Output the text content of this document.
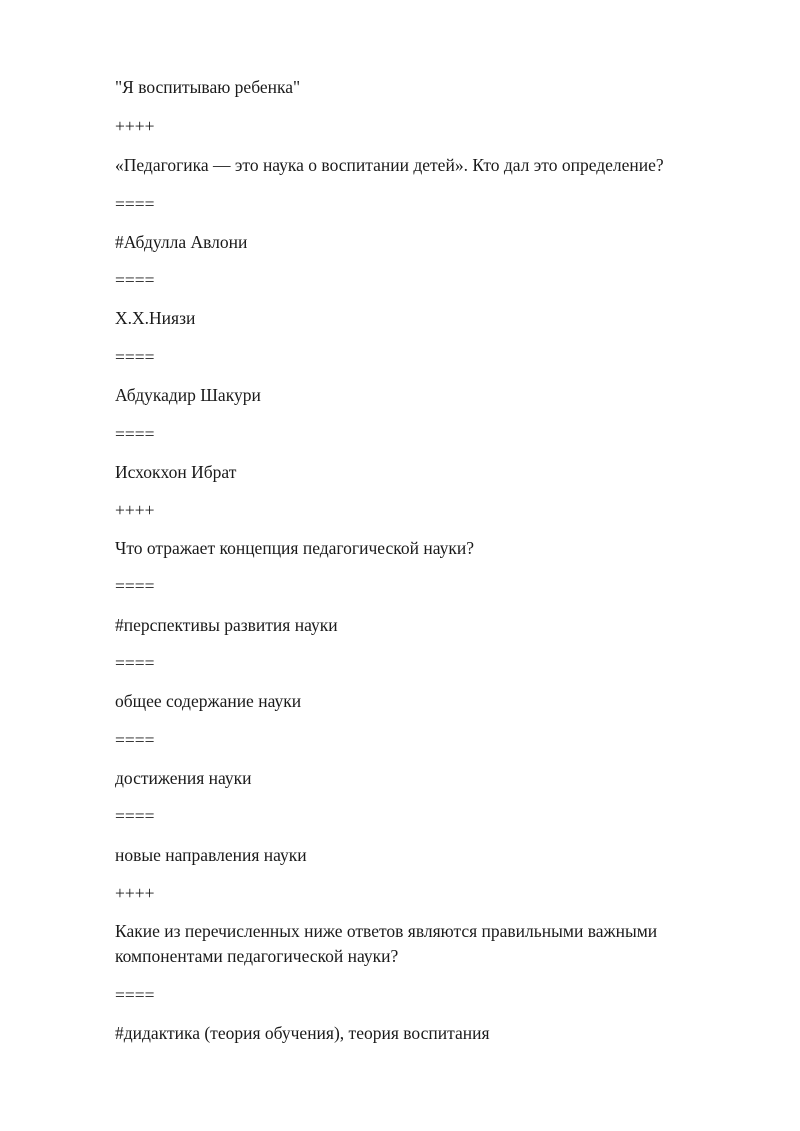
"Я воспитываю ребенка"
++++
«Педагогика — это наука о воспитании детей». Кто дал это определение?
====
#Абдулла Авлони
====
Х.Х.Ниязи
====
Абдукадир Шакури
====
Исхокхон Ибрат
++++
Что отражает концепция педагогической науки?
====
#перспективы развития науки
====
общее содержание науки
====
достижения науки
====
новые направления науки
++++
Какие из перечисленных ниже ответов являются правильными важными
компонентами педагогической науки?
====
#дидактика (теория обучения), теория воспитания
